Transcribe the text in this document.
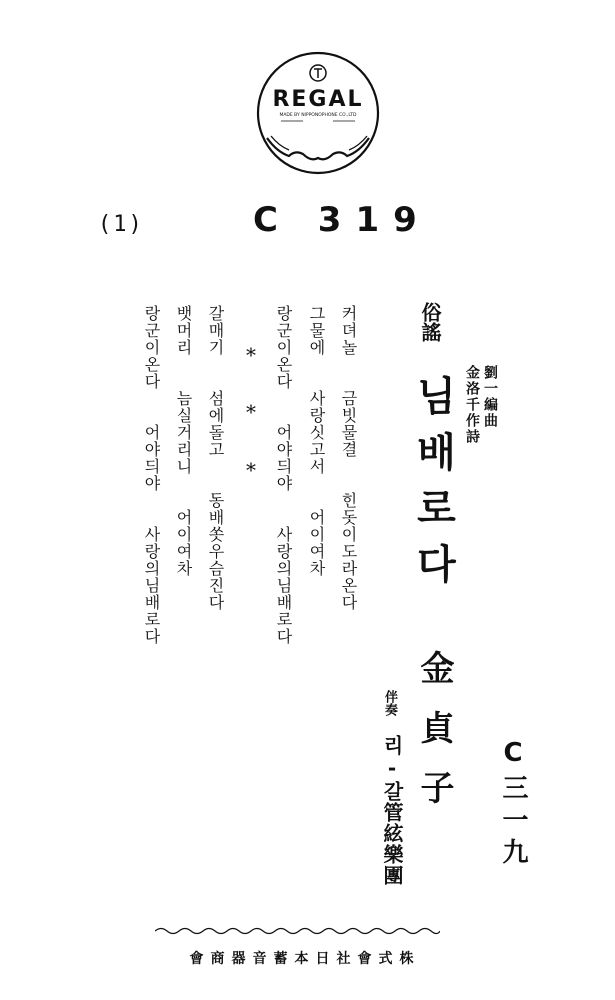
REGAL
MADE BY NIPPONOPHONE CO.,LTD
(1)	C 319
俗謠
님배로다 金洛千作詩 劉一編曲
金貞子
伴奏
리-갈管絃樂團	C三一九
커뎌놀 금빗물결 힌돗이도라온다
그물에 사랑싯고서 어이여차
랑군이온다 어야듸야 사랑의님배로다
*
*
*
갈매기 섬에돌고 동배쏫우슴진다
뱃머리 늠실거리니 어이여차
랑군이온다 어야듸야 사랑의님배로다
株式會社日本蓄音器商會
